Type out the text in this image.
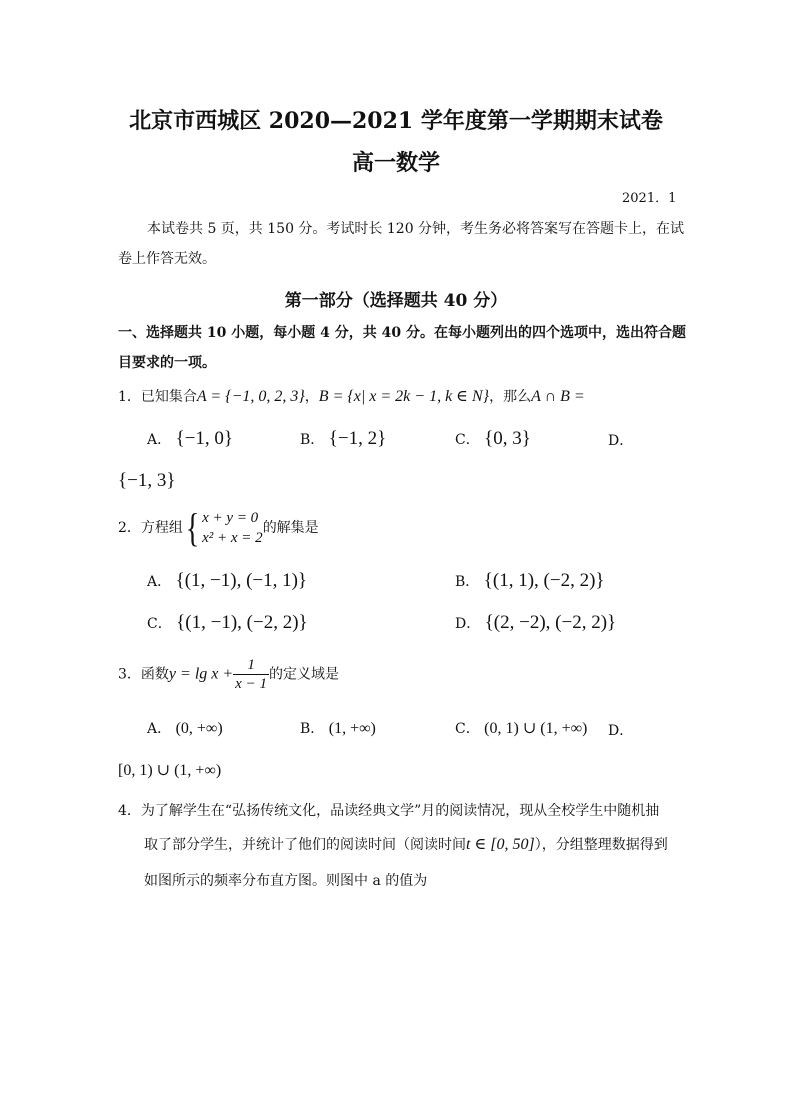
北京市西城区 2020—2021 学年度第一学期期末试卷
高一数学
2021．1
本试卷共 5 页，共 150 分。考试时长 120 分钟，考生务必将答案写在答题卡上，在试
卷上作答无效。
第一部分（选择题共 40 分）
一、选择题共 10 小题，每小题 4 分，共 40 分。在每小题列出的四个选项中，选出符合题
目要求的一项。
1．已知集合A = {−1, 0, 2, 3}，B = {x| x = 2k − 1, k ∈ N}，那么A ∩ B =
A． {−1, 0}	B． {−1, 2}	C． {0, 3}	D．
{−1, 3}
2．方程组{ x + y = 0
x² + x = 2
的解集是
A． {(1, −1), (−1, 1)}	B． {(1, 1), (−2, 2)}
C． {(1, −1), (−2, 2)}	D． {(2, −2), (−2, 2)}
3．函数$y = \lg x + \frac{1}{x - 1}$ 的定义域是
A． (0, +∞)	B． (1, +∞)	C． (0, 1) ∪ (1, +∞) D．
[0, 1) ∪ (1, +∞)
4．为了解学生在“弘扬传统文化，品读经典文学”月的阅读情况，现从全校学生中随机抽
取了部分学生，并统计了他们的阅读时间（阅读时间t ∈ [0, 50]），分组整理数据得到
如图所示的频率分布直方图。则图中 a 的值为
